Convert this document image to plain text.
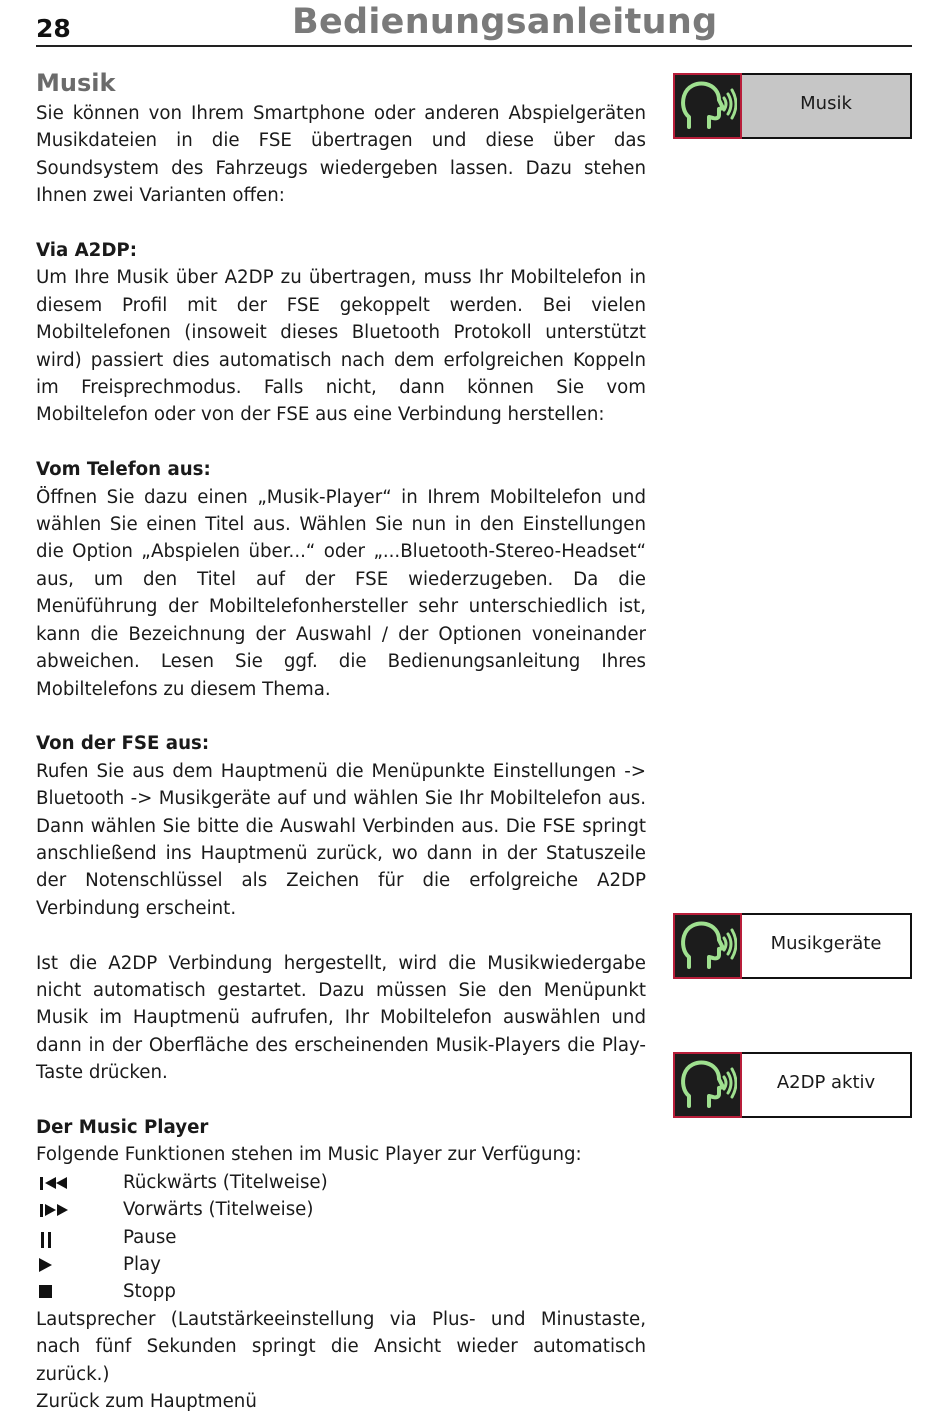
28	Bedienungsanleitung
Musik

Sie können von Ihrem Smartphone oder anderen Abspielgeräten Musikdateien in die FSE übertragen und diese über das Soundsystem des Fahrzeugs wiedergeben lassen. Dazu stehen Ihnen zwei Varianten offen:

Via A2DP:

Um Ihre Musik über A2DP zu übertragen, muss Ihr Mobiltelefon in diesem Profil mit der FSE gekoppelt werden. Bei vielen Mobiltelefonen (insoweit dieses Bluetooth Protokoll unterstützt wird) passiert dies automatisch nach dem erfolgreichen Koppeln im Freisprechmodus. Falls nicht, dann können Sie vom Mobiltelefon oder von der FSE aus eine Verbindung herstellen:

Vom Telefon aus:

Öffnen Sie dazu einen „Musik-Player“ in Ihrem Mobiltelefon und wählen Sie einen Titel aus. Wählen Sie nun in den Einstellungen die Option „Abspielen über...“ oder „...Bluetooth-Stereo-Headset“ aus, um den Titel auf der FSE wiederzugeben. Da die Menüführung der Mobiltelefonhersteller sehr unterschiedlich ist, kann die Bezeichnung der Auswahl / der Optionen voneinander abweichen. Lesen Sie ggf. die Bedienungsanleitung Ihres Mobiltelefons zu diesem Thema.

Von der FSE aus:

Rufen Sie aus dem Hauptmenü die Menüpunkte Einstellungen -> Bluetooth -> Musikgeräte auf und wählen Sie Ihr Mobiltelefon aus. Dann wählen Sie bitte die Auswahl Verbinden aus. Die FSE springt anschließend ins Hauptmenü zurück, wo dann in der Statuszeile der Notenschlüssel als Zeichen für die erfolgreiche A2DP Verbindung erscheint.

Ist die A2DP Verbindung hergestellt, wird die Musikwiedergabe nicht automatisch gestartet. Dazu müssen Sie den Menüpunkt Musik im Hauptmenü aufrufen, Ihr Mobiltelefon auswählen und dann in der Oberfläche des erscheinenden Musik-Players die Play-Taste drücken.

Der Music Player

Folgende Funktionen stehen im Music Player zur Verfügung:

Rückwärts (Titelweise)
Vorwärts (Titelweise)
Pause
Play
Stopp

Lautsprecher (Lautstärkeeinstellung via Plus- und Minustaste, nach fünf Sekunden springt die Ansicht wieder automatisch zurück.)

Zurück zum Hauptmenü

Musik
Musikgeräte
A2DP aktiv
